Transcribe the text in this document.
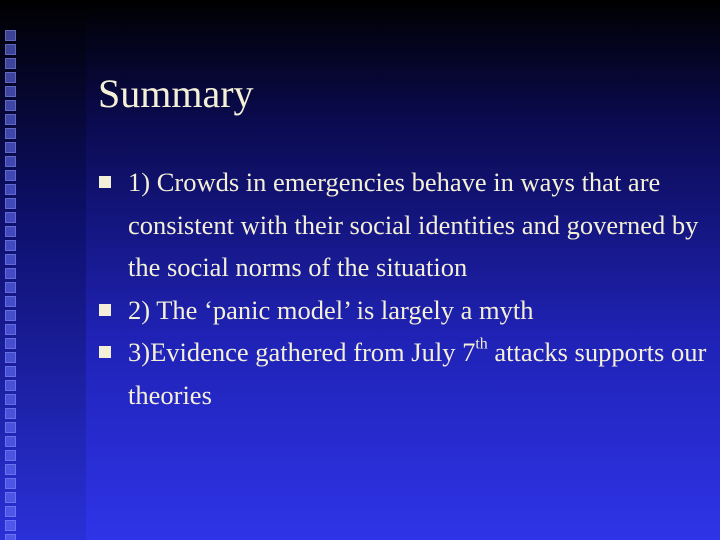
Summary
1) Crowds in emergencies behave in ways that are consistent with their social identities and governed by the social norms of the situation
2) The ‘panic model’ is largely a myth
3)Evidence gathered from July 7th attacks supports our theories
